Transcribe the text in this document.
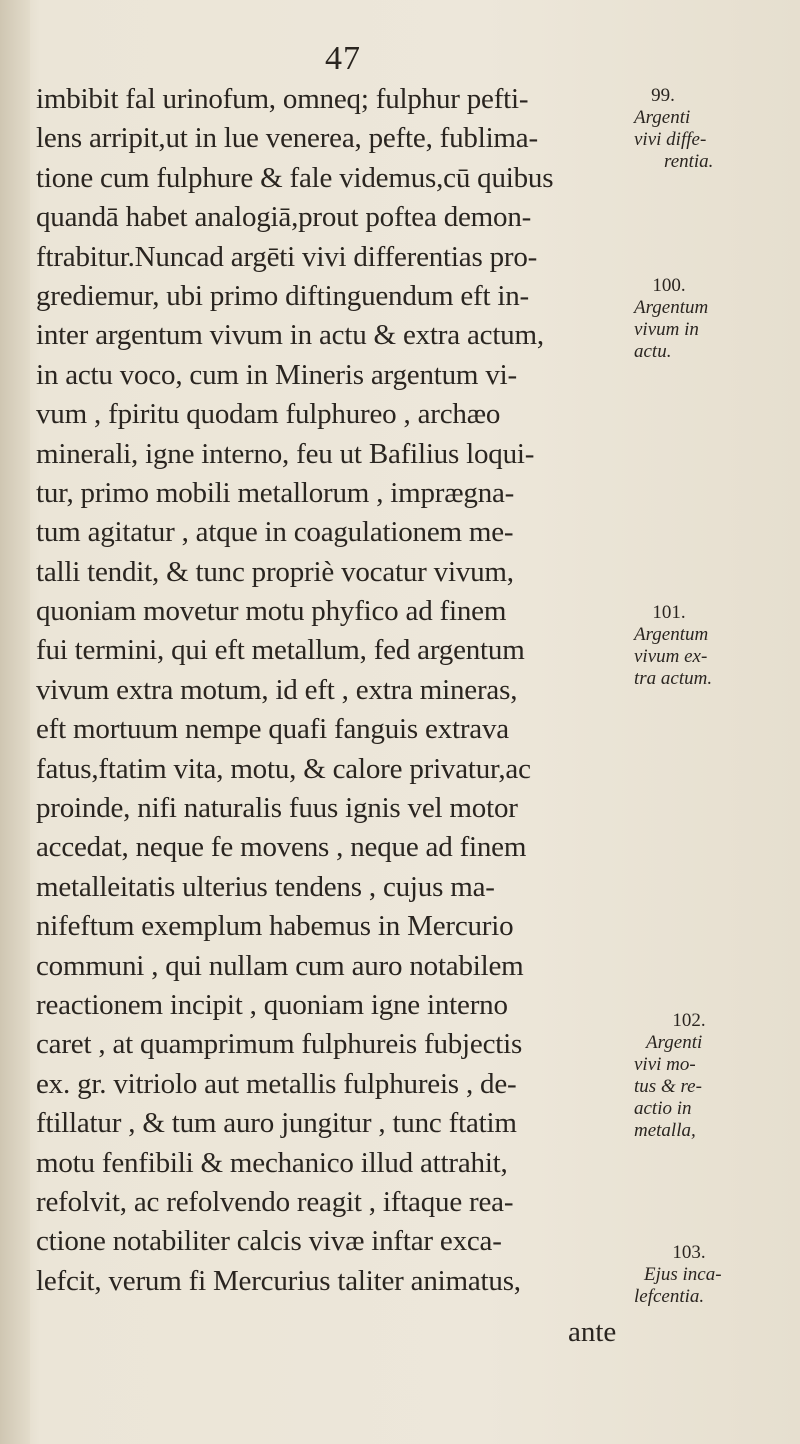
47
imbibit fal urinofum, omneq; fulphur pefti-
lens arripit,ut in lue venerea, pefte, fublima-
tione cum fulphure & fale videmus,cū quibus
quandā habet analogiā,prout poftea demon-
ftrabitur.Nuncad argēti vivi differentias pro-
grediemur, ubi primo diftinguendum eft in-
inter argentum vivum in actu & extra actum,
in actu voco, cum in Mineris argentum vi-
vum , fpiritu quodam fulphureo , archæo
minerali, igne interno, feu ut Bafilius loqui-
tur, primo mobili metallorum , imprægna-
tum agitatur , atque in coagulationem me-
talli tendit, & tunc propriè vocatur vivum,
quoniam movetur motu phyfico ad finem
fui termini, qui eft metallum, fed argentum
vivum extra motum, id eft , extra mineras,
eft mortuum nempe quafi fanguis extrava
fatus,ftatim vita, motu, & calore privatur,ac
proinde, nifi naturalis fuus ignis vel motor
accedat, neque fe movens , neque ad finem
metalleitatis ulterius tendens , cujus ma-
nifeftum exemplum habemus in Mercurio
communi , qui nullam cum auro notabilem
reactionem incipit , quoniam igne interno
caret , at quamprimum fulphureis fubjectis
ex. gr. vitriolo aut metallis fulphureis , de-
ftillatur , & tum auro jungitur , tunc ftatim
motu fenfibili & mechanico illud attrahit,
refolvit, ac refolvendo reagit , iftaque rea-
ctione notabiliter calcis vivæ inftar exca-
lefcit, verum fi Mercurius taliter animatus,
ante
99.
Argenti
vivi diffe-
rentia.
100.
Argentum
vivum in
actu.
101.
Argentum
vivum ex-
tra actum.
102.
Argenti
vivi mo-
tus & re-
actio in
metalla,
103.
Ejus inca-
lefcentia.
